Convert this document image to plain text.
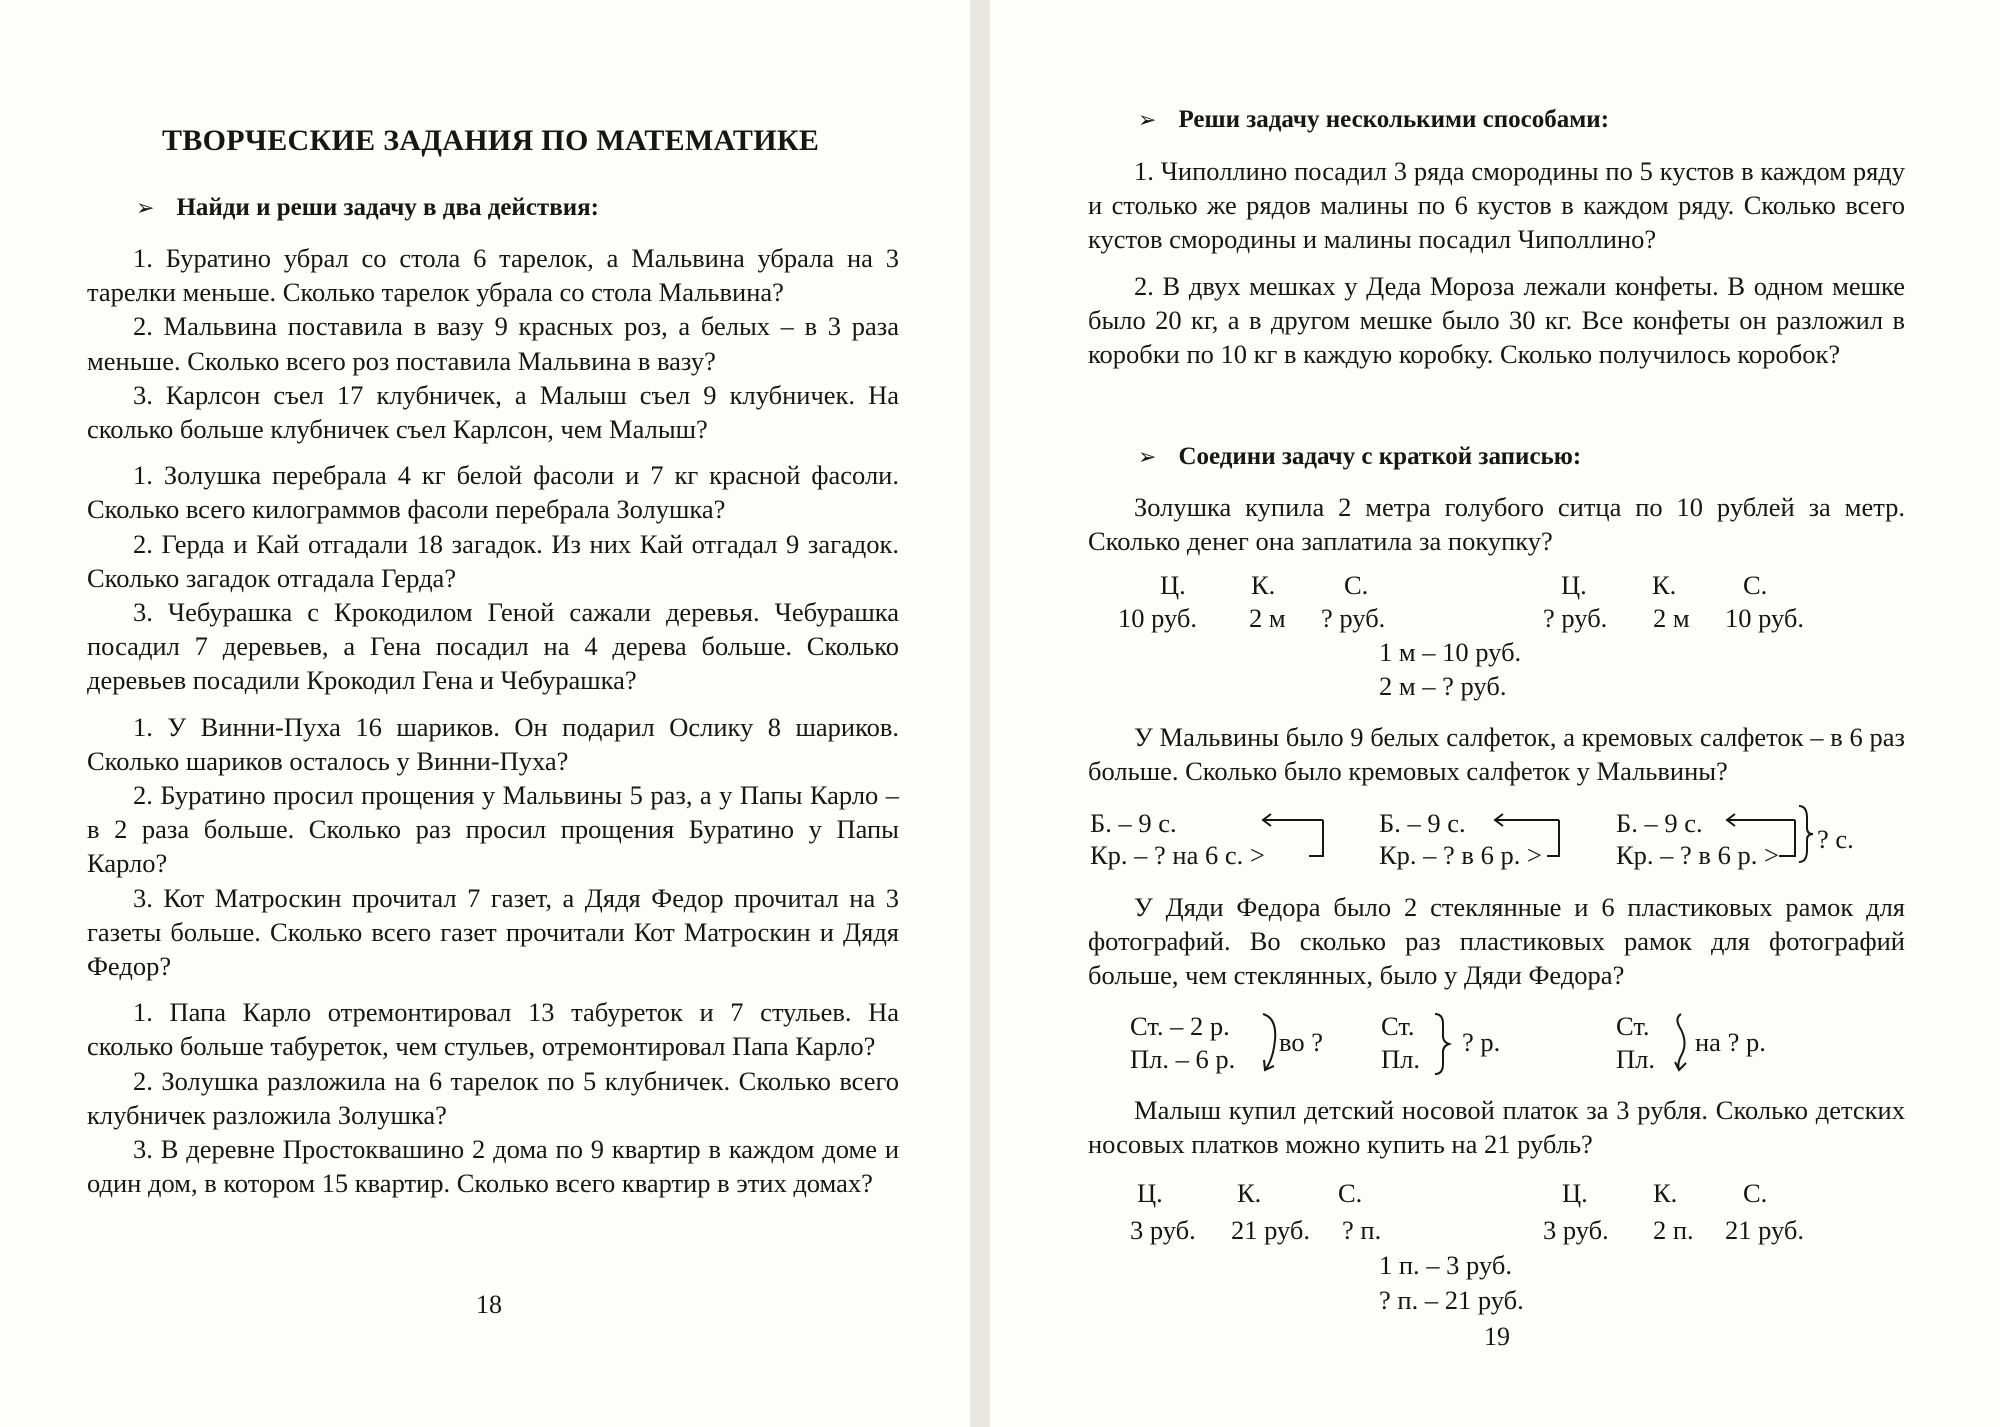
ТВОРЧЕСКИЕ ЗАДАНИЯ ПО МАТЕМАТИКЕ
➢ Найди и реши задачу в два действия:

1. Буратино убрал со стола 6 тарелок, а Мальвина убрала на 3 тарелки меньше. Сколько тарелок убрала со стола Мальвина?

2. Мальвина поставила в вазу 9 красных роз, а белых – в 3 раза меньше. Сколько всего роз поставила Мальвина в вазу?

3. Карлсон съел 17 клубничек, а Малыш съел 9 клубничек. На сколько больше клубничек съел Карлсон, чем Малыш?

1. Золушка перебрала 4 кг белой фасоли и 7 кг красной фасоли. Сколько всего килограммов фасоли перебрала Золушка?

2. Герда и Кай отгадали 18 загадок. Из них Кай отгадал 9 загадок. Сколько загадок отгадала Герда?

3. Чебурашка с Крокодилом Геной сажали деревья. Чебурашка посадил 7 деревьев, а Гена посадил на 4 дерева больше. Сколько деревьев посадили Крокодил Гена и Чебурашка?

1. У Винни-Пуха 16 шариков. Он подарил Ослику 8 шариков. Сколько шариков осталось у Винни-Пуха?

2. Буратино просил прощения у Мальвины 5 раз, а у Папы Карло – в 2 раза больше. Сколько раз просил прощения Буратино у Папы Карло?

3. Кот Матроскин прочитал 7 газет, а Дядя Федор прочитал на 3 газеты больше. Сколько всего газет прочитали Кот Матроскин и Дядя Федор?

1. Папа Карло отремонтировал 13 табуреток и 7 стульев. На сколько больше табуреток, чем стульев, отремонтировал Папа Карло?

2. Золушка разложила на 6 тарелок по 5 клубничек. Сколько всего клубничек разложила Золушка?

3. В деревне Простоквашино 2 дома по 9 квартир в каждом доме и один дом, в котором 15 квартир. Сколько всего квартир в этих домах?

18
➢ Реши задачу несколькими способами:

1. Чиполлино посадил 3 ряда смородины по 5 кустов в каждом ряду и столько же рядов малины по 6 кустов в каждом ряду. Сколько всего кустов смородины и малины посадил Чиполлино?

2. В двух мешках у Деда Мороза лежали конфеты. В одном мешке было 20 кг, а в другом мешке было 30 кг. Все конфеты он разложил в коробки по 10 кг в каждую коробку. Сколько получилось коробок?

➢ Соедини задачу с краткой записью:

Золушка купила 2 метра голубого ситца по 10 рублей за метр. Сколько денег она заплатила за покупку?

Ц. К.	С.
10 руб. 2 м ? руб.
Ц. К.	С.
? руб. 2 м 10 руб.
1 м – 10 руб.
2 м – ? руб.

У Мальвины было 9 белых салфеток, а кремовых салфеток – в 6 раз больше. Сколько было кремовых салфеток у Мальвины?

Б. – 9 с.
Кр. – ? на 6 с. >
Б. – 9 с.
Кр. – ? в 6 р. >
Б. – 9 с.
Кр. – ? в 6 р. >
? с.

У Дяди Федора было 2 стеклянные и 6 пластиковых рамок для фотографий. Во сколько раз пластиковых рамок для фотографий больше, чем стеклянных, было у Дяди Федора?

Ст. – 2 р.
Пл. – 6 р.
во ?
Ст.
Пл.
? р.
Ст.
Пл.
на ? р.

Малыш купил детский носовой платок за 3 рубля. Сколько детских носовых платков можно купить на 21 рубль?

Ц.	К.	С.
3 руб. 21 руб. ? п.
Ц. К. С.
3 руб. 2 п. 21 руб.
1 п. – 3 руб.
? п. – 21 руб.
19
